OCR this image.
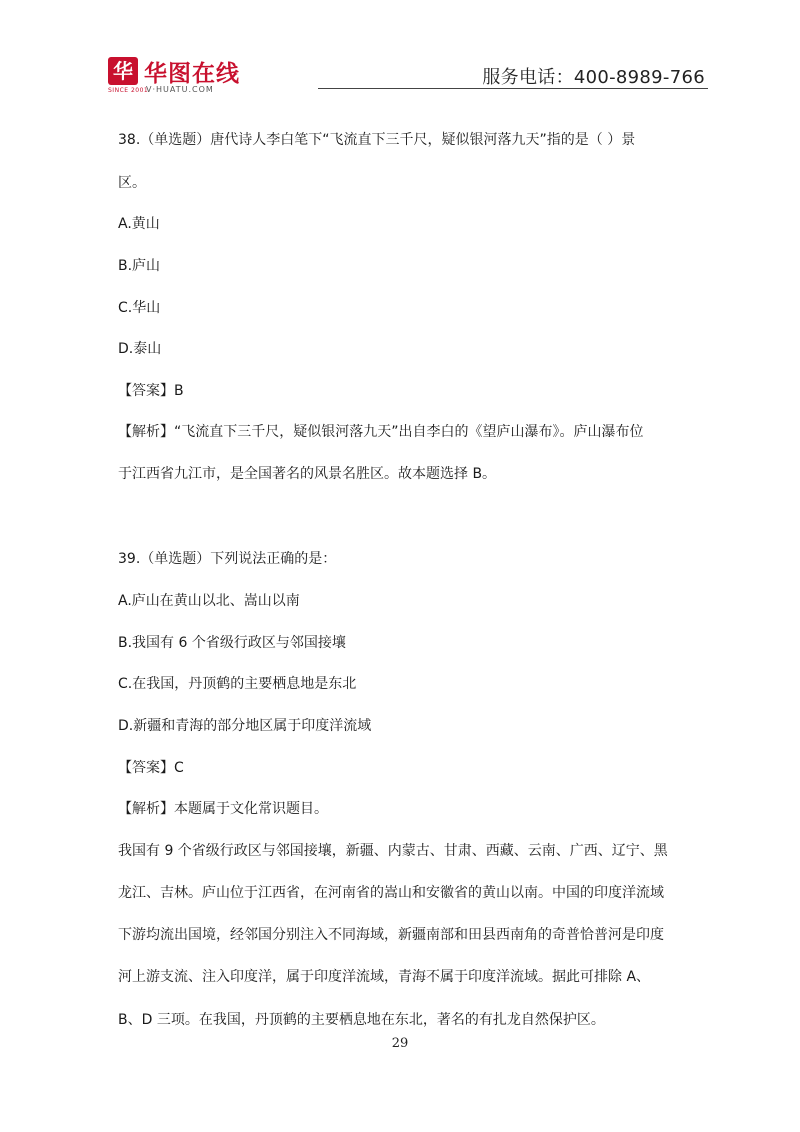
华
SINCE 2001
华图在线
V·HUATU.COM
服务电话：400-8989-766
38.（单选题）唐代诗人李白笔下“飞流直下三千尺，疑似银河落九天”指的是（ ）景
区。
A.黄山
B.庐山
C.华山
D.泰山
【答案】B
【解析】“飞流直下三千尺，疑似银河落九天”出自李白的《望庐山瀑布》。庐山瀑布位
于江西省九江市，是全国著名的风景名胜区。故本题选择 B。
39.（单选题）下列说法正确的是：
A.庐山在黄山以北、嵩山以南
B.我国有 6 个省级行政区与邻国接壤
C.在我国，丹顶鹤的主要栖息地是东北
D.新疆和青海的部分地区属于印度洋流域
【答案】C
【解析】本题属于文化常识题目。
我国有 9 个省级行政区与邻国接壤，新疆、内蒙古、甘肃、西藏、云南、广西、辽宁、黑
龙江、吉林。庐山位于江西省，在河南省的嵩山和安徽省的黄山以南。中国的印度洋流域
下游均流出国境，经邻国分别注入不同海域，新疆南部和田县西南角的奇普恰普河是印度
河上游支流、注入印度洋，属于印度洋流域，青海不属于印度洋流域。据此可排除 A、
B、D 三项。在我国，丹顶鹤的主要栖息地在东北，著名的有扎龙自然保护区。
29
